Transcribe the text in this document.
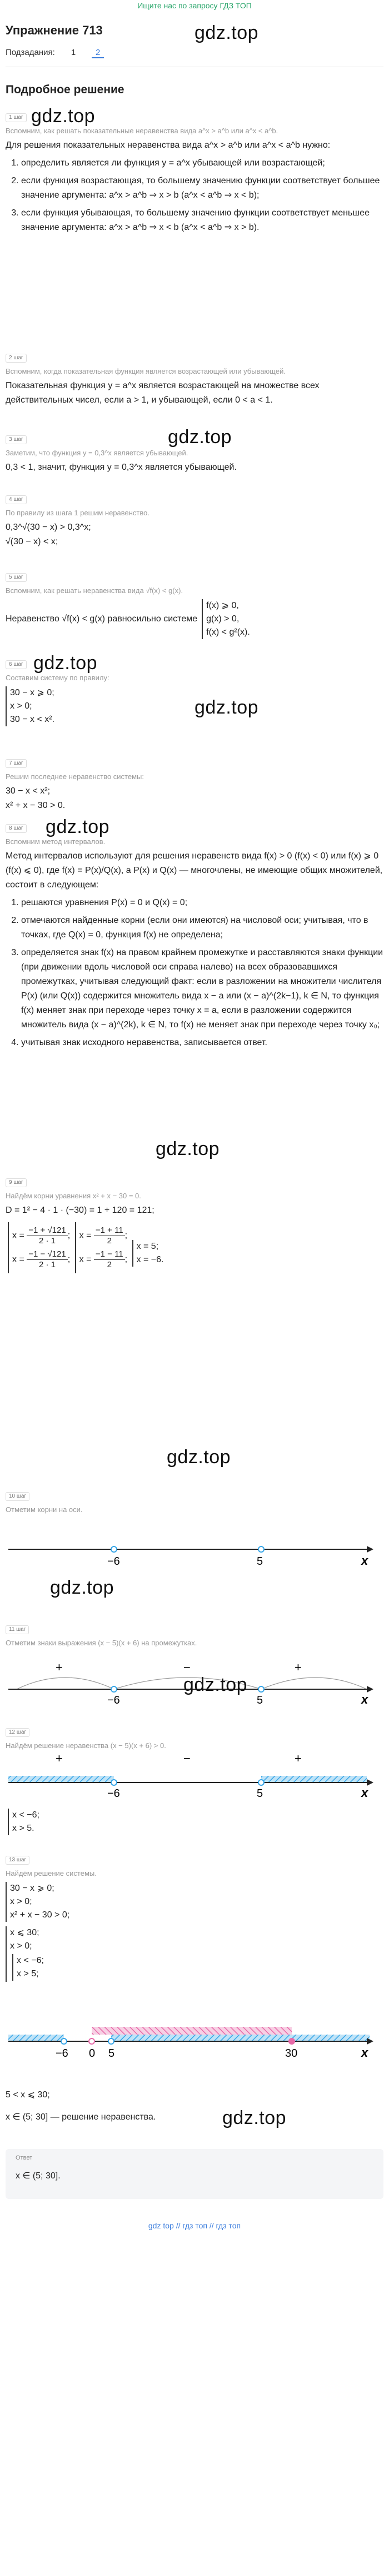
Ищите нас по запросу ГДЗ ТОП
Упражнение 713	gdz.top
Подзадания: 1 2
Подробное решение
1 шаг gdz.top
Вспомним, как решать показательные неравенства вида a^x > a^b или a^x < a^b.
Для решения показательных неравенства вида a^x > a^b или a^x < a^b нужно:
1. определить является ли функция y = a^x убывающей или возрастающей;
2. если функция возрастающая, то большему значению функции соответствует большее значение аргумента: a^x > a^b ⇒ x > b (a^x < a^b ⇒ x < b);
3. если функция убывающая, то большему значению функции соответствует меньшее значение аргумента: a^x > a^b ⇒ x < b (a^x < a^b ⇒ x > b).
2 шаг
Вспомним, когда показательная функция является возрастающей или убывающей.
Показательная функция y = a^x является возрастающей на множестве всех действительных чисел, если a > 1, и убывающей, если 0 < a < 1.
3 шаг	gdz.top
Заметим, что функция y = 0,3^x является убывающей.
0,3 < 1, значит, функция y = 0,3^x является убывающей.
4 шаг
По правилу из шага 1 решим неравенство.
0,3^√(30 − x) > 0,3^x;
√(30 − x) < x;
5 шаг
Вспомним, как решать неравенства вида √f(x) < g(x).
Неравенство √f(x) < g(x) равносильно системе
f(x) ⩾ 0,
g(x) > 0,
f(x) < g²(x).
6 шаг gdz.top
Составим систему по правилу:
30 − x ⩾ 0;
x > 0;
30 − x < x².
gdz.top
7 шаг
Решим последнее неравенство системы:
30 − x < x²;
x² + x − 30 > 0.
8 шаг gdz.top
Вспомним метод интервалов.
Метод интервалов используют для решения неравенств вида f(x) > 0 (f(x) < 0) или f(x) ⩾ 0 (f(x) ⩽ 0), где f(x) = P(x)/Q(x), а P(x) и Q(x) — многочлены, не имеющие общих множителей, состоит в следующем:
1. решаются уравнения P(x) = 0 и Q(x) = 0;
2. отмечаются найденные корни (если они имеются) на числовой оси; учитывая, что в точках, где Q(x) = 0, функция f(x) не определена;
3. определяется знак f(x) на правом крайнем промежутке и расставляются знаки функции (при движении вдоль числовой оси справа налево) на всех образовавшихся промежутках, учитывая следующий факт: если в разложении на множители числителя P(x) (или Q(x)) содержится множитель вида x − a или (x − a)^(2k−1), k ∈ N, то функция f(x) меняет знак при переходе через точку x = a, если в разложении содержится множитель вида (x − a)^(2k), k ∈ N, то f(x) не меняет знак при переходе через точку x₀;
4. учитывая знак исходного неравенства, записывается ответ.
gdz.top
9 шаг
Найдём корни уравнения x² + x − 30 = 0.
D = 1² − 4 · 1 · (−30) = 1 + 120 = 121;
$x = \frac{-1 + √121}{2 \cdot 1}$ ;
$x = \frac{-1 - √121}{2 \cdot 1}$ ;

$x = \frac{-1 + 11}{2}$ ;
$x = \frac{-1 - 11}{2}$ ;

x = 5;
x = −6.
gdz.top
10 шаг
Отметим корни на оси.
−6	5	x
gdz.top
11 шаг
Отметим знаки выражения (x − 5)(x + 6) на промежутках.
+	−	+
−6	5	x
gdz.top
12 шаг
Найдём решение неравенства (x − 5)(x + 6) > 0.
+	−	+
−6	5	x
x < −6;
x > 5.
13 шаг
Найдём решение системы.
30 − x ⩾ 0;
x > 0;
x² + x − 30 > 0;

x ⩽ 30;
x > 0;
x < −6;
x > 5;
−6 0 5	30	x
5 < x ⩽ 30;
x ∈ (5; 30] — решение неравенства.	gdz.top
Ответ
x ∈ (5; 30].
gdz top // гдз топ // гдз топ
